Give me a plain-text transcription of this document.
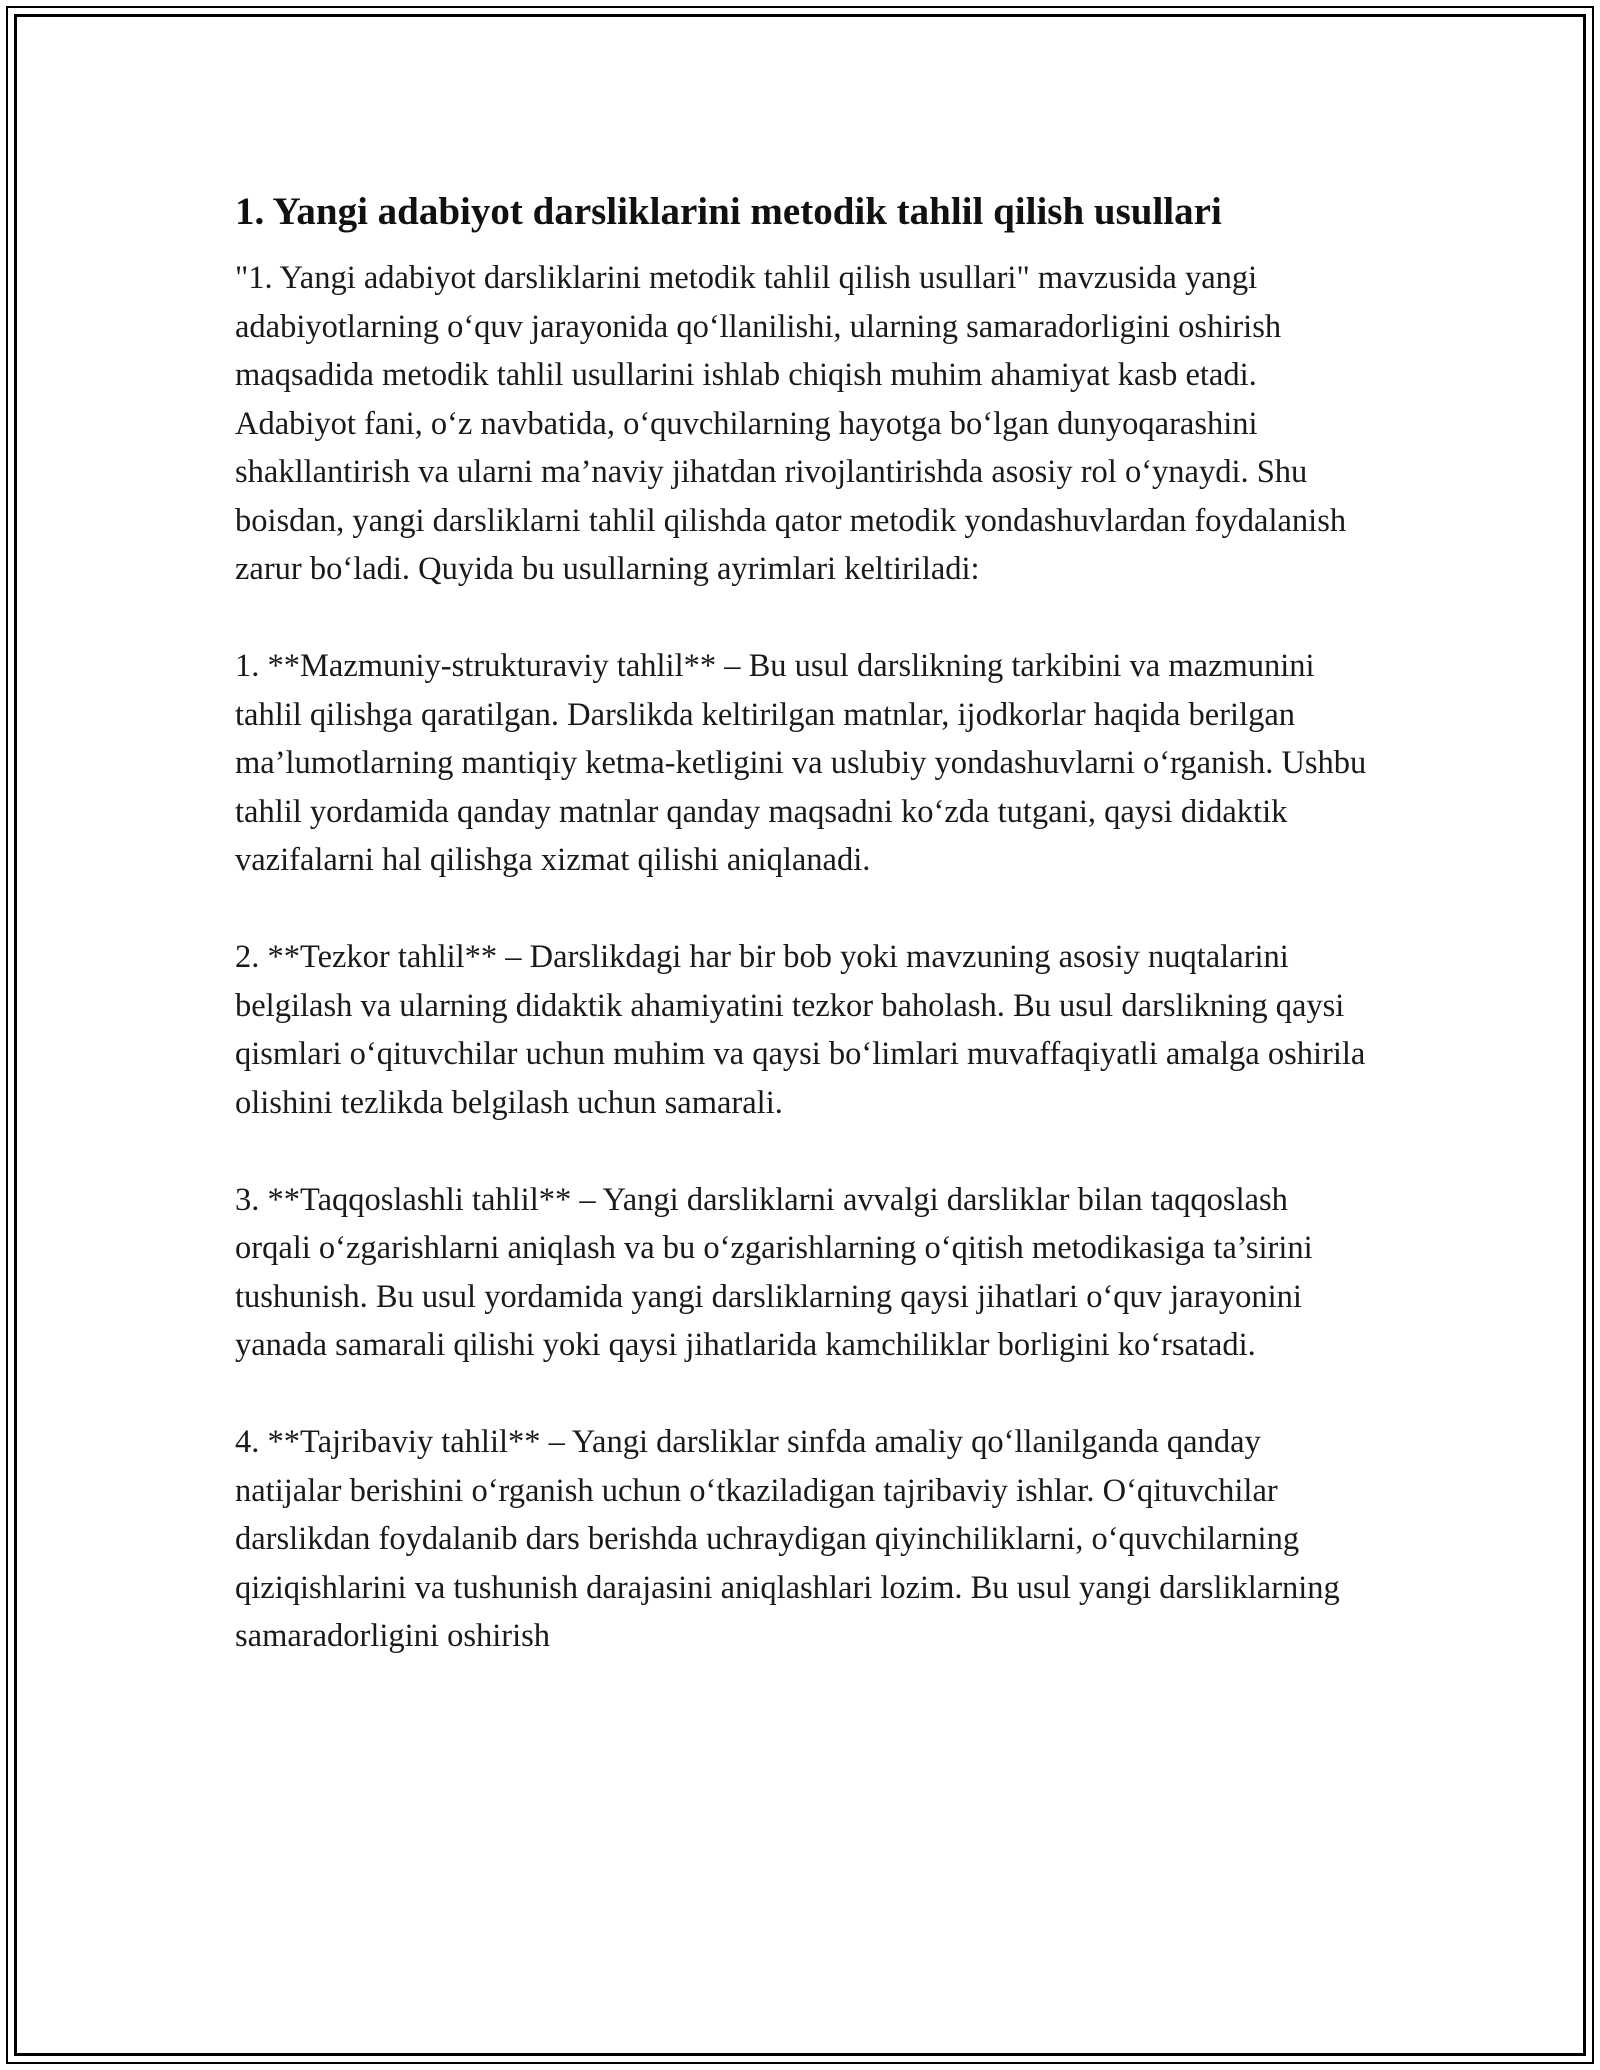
1. Yangi adabiyot darsliklarini metodik tahlil qilish usullari

"1. Yangi adabiyot darsliklarini metodik tahlil qilish usullari" mavzusida yangi adabiyotlarning o‘quv jarayonida qo‘llanilishi, ularning samaradorligini oshirish maqsadida metodik tahlil usullarini ishlab chiqish muhim ahamiyat kasb etadi. Adabiyot fani, o‘z navbatida, o‘quvchilarning hayotga bo‘lgan dunyoqarashini shakllantirish va ularni ma’naviy jihatdan rivojlantirishda asosiy rol o‘ynaydi. Shu boisdan, yangi darsliklarni tahlil qilishda qator metodik yondashuvlardan foydalanish zarur bo‘ladi. Quyida bu usullarning ayrimlari keltiriladi:

1. **Mazmuniy-strukturaviy tahlil** – Bu usul darslikning tarkibini va mazmunini tahlil qilishga qaratilgan. Darslikda keltirilgan matnlar, ijodkorlar haqida berilgan ma’lumotlarning mantiqiy ketma-ketligini va uslubiy yondashuvlarni o‘rganish. Ushbu tahlil yordamida qanday matnlar qanday maqsadni ko‘zda tutgani, qaysi didaktik vazifalarni hal qilishga xizmat qilishi aniqlanadi.

2. **Tezkor tahlil** – Darslikdagi har bir bob yoki mavzuning asosiy nuqtalarini belgilash va ularning didaktik ahamiyatini tezkor baholash. Bu usul darslikning qaysi qismlari o‘qituvchilar uchun muhim va qaysi bo‘limlari muvaffaqiyatli amalga oshirila olishini tezlikda belgilash uchun samarali.

3. **Taqqoslashli tahlil** – Yangi darsliklarni avvalgi darsliklar bilan taqqoslash orqali o‘zgarishlarni aniqlash va bu o‘zgarishlarning o‘qitish metodikasiga ta’sirini tushunish. Bu usul yordamida yangi darsliklarning qaysi jihatlari o‘quv jarayonini yanada samarali qilishi yoki qaysi jihatlarida kamchiliklar borligini ko‘rsatadi.

4. **Tajribaviy tahlil** – Yangi darsliklar sinfda amaliy qo‘llanilganda qanday natijalar berishini o‘rganish uchun o‘tkaziladigan tajribaviy ishlar. O‘qituvchilar darslikdan foydalanib dars berishda uchraydigan qiyinchiliklarni, o‘quvchilarning qiziqishlarini va tushunish darajasini aniqlashlari lozim. Bu usul yangi darsliklarning samaradorligini oshirish
